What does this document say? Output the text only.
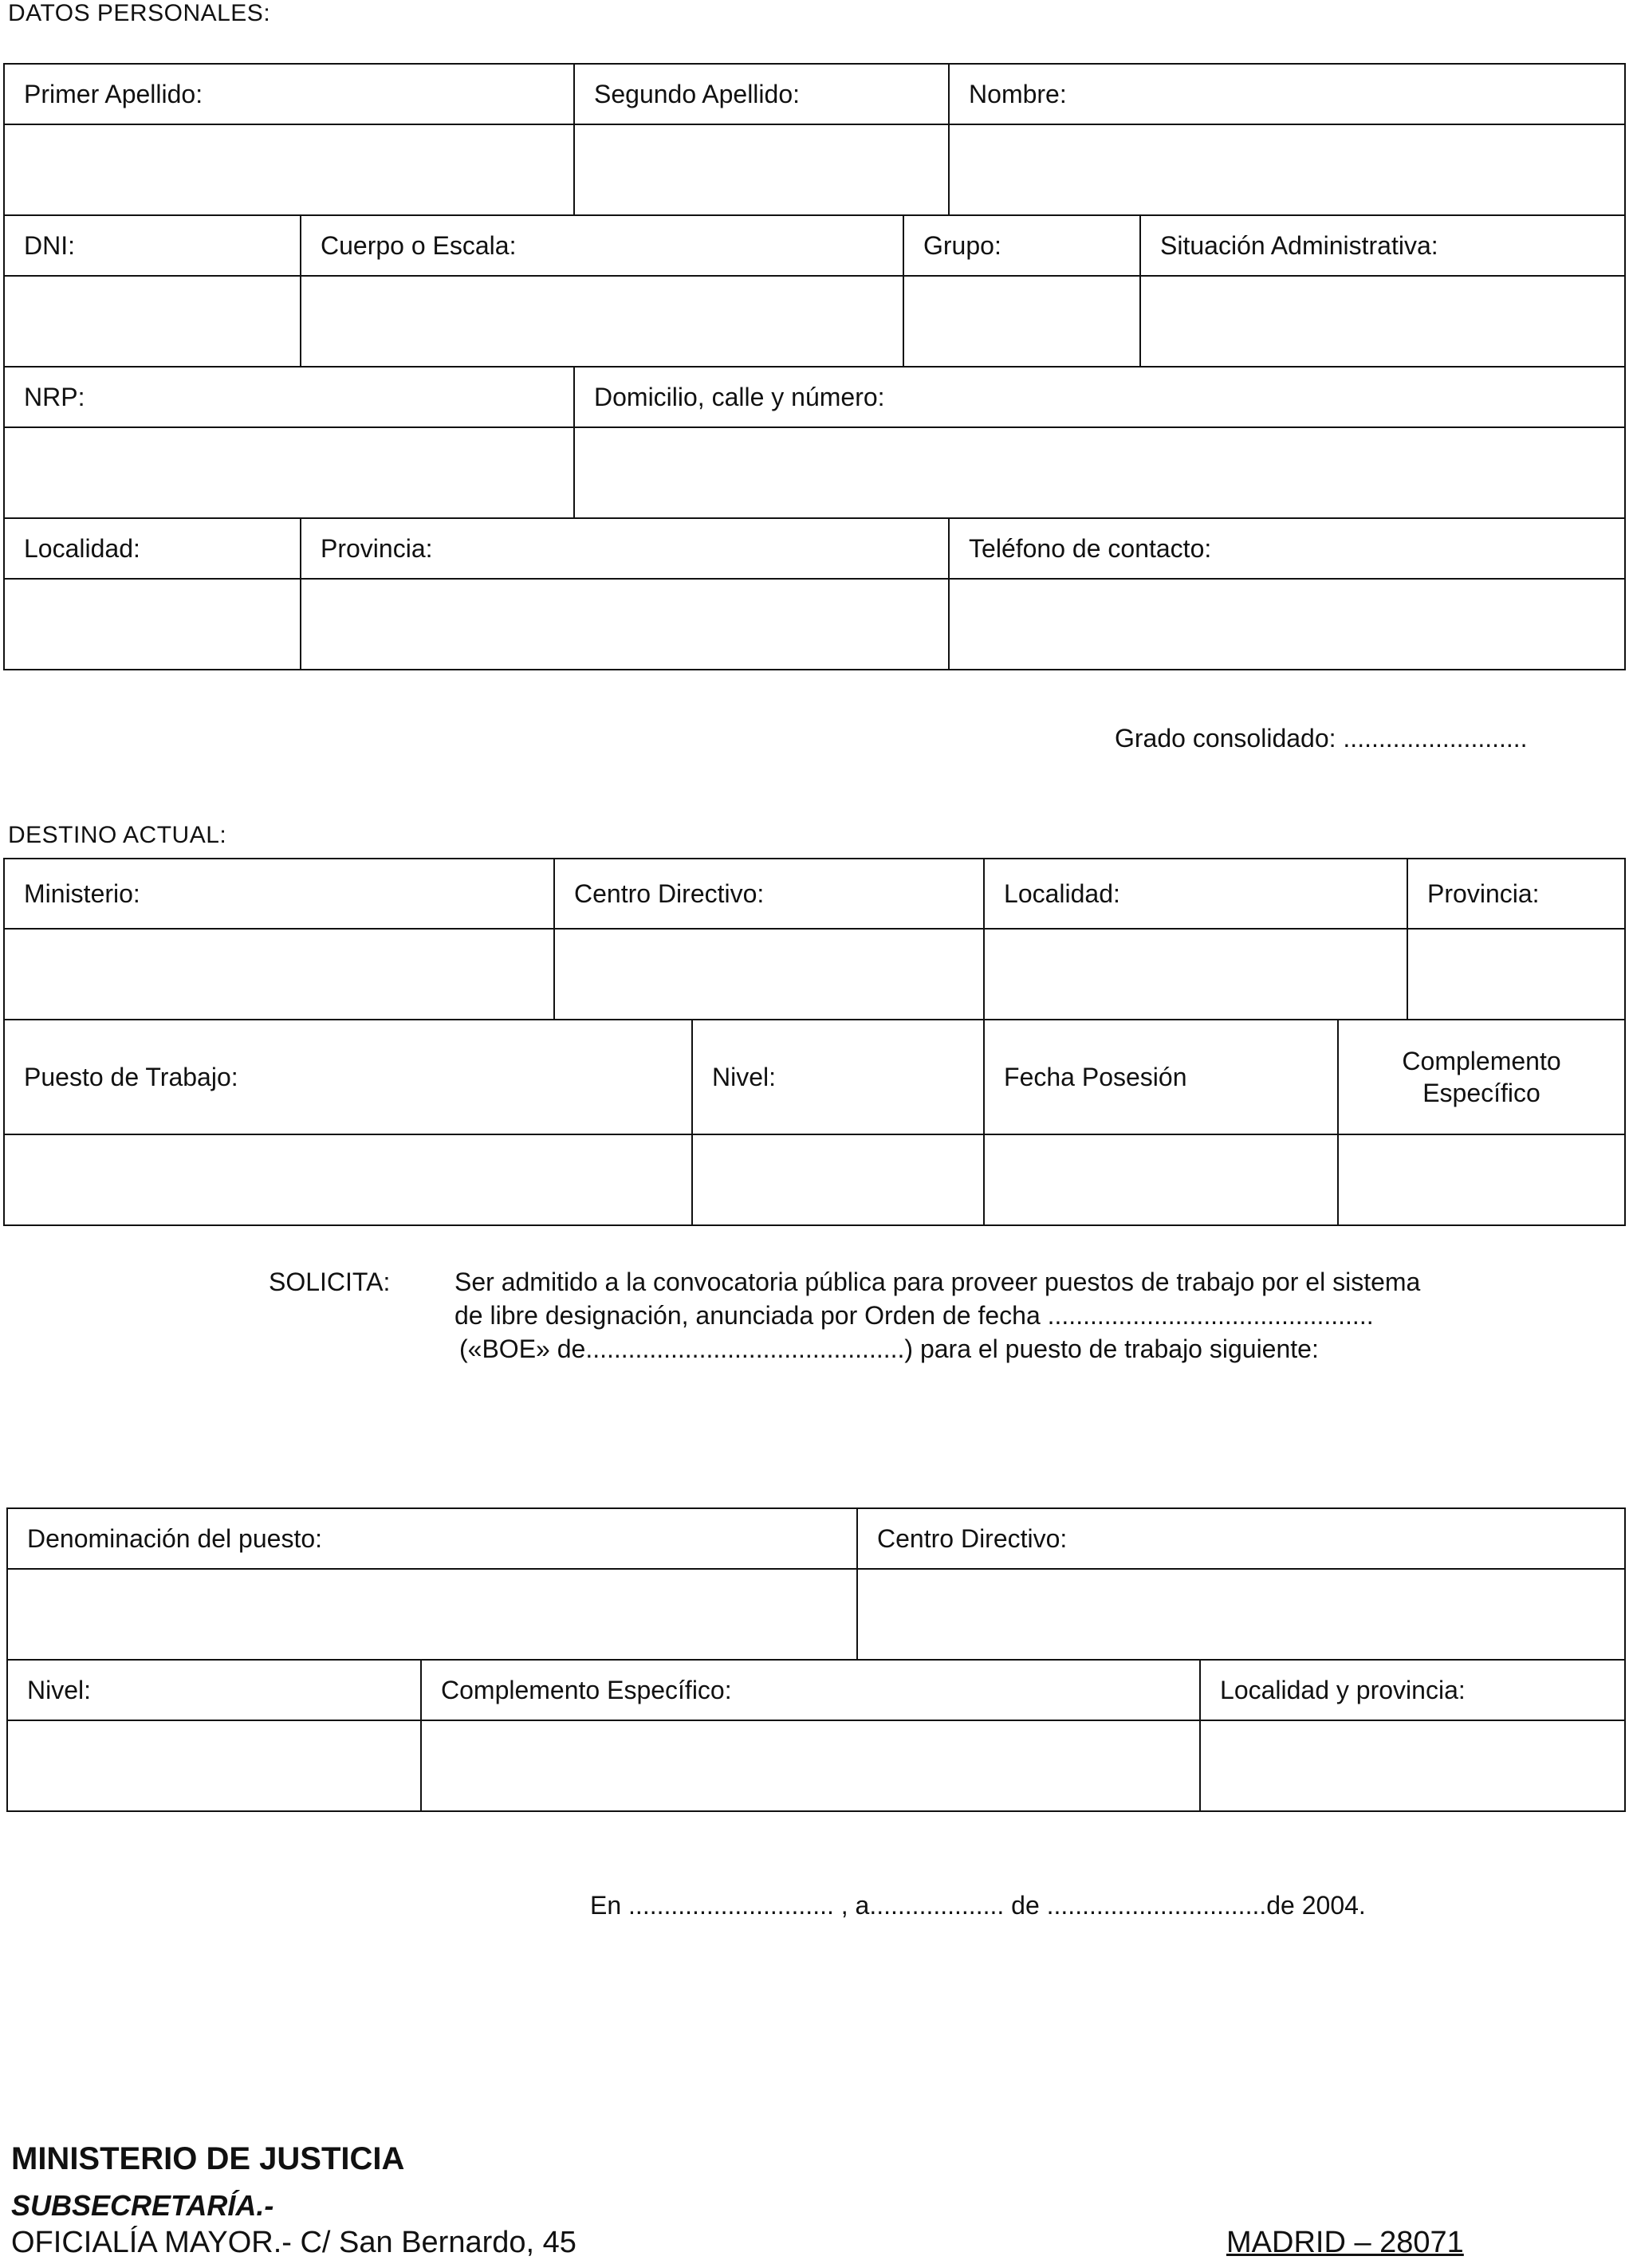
DATOS PERSONALES:
Primer Apellido:		Segundo Apellido:		Nombre:	

DNI:	Cuerpo o Escala:		Grupo:		Situación Administrativa:

NRP:		Domicilio, calle y número:			

Localidad:	Provincia:			Teléfono de contacto:	

Grado consolidado: ..........................
DESTINO ACTUAL:
Ministerio:	Centro Directivo:		Localidad:		Provincia:

Puesto de Trabajo:		Nivel:	Fecha Posesión	Complemento Específico	

SOLICITA:	Ser admitido a la convocatoria pública para proveer puestos de trabajo por el sistema
de libre designación, anunciada por Orden de fecha ..............................................
(«BOE» de.............................................) para el puesto de trabajo siguiente:
Denominación del puesto:		Centro Directivo:	

Nivel:	Complemento Específico:		Localidad y provincia:

En ............................. , a................... de ...............................de 2004.
MINISTERIO DE JUSTICIA
SUBSECRETARÍA.-
OFICIALÍA MAYOR.- C/ San Bernardo, 45	MADRID – 28071
